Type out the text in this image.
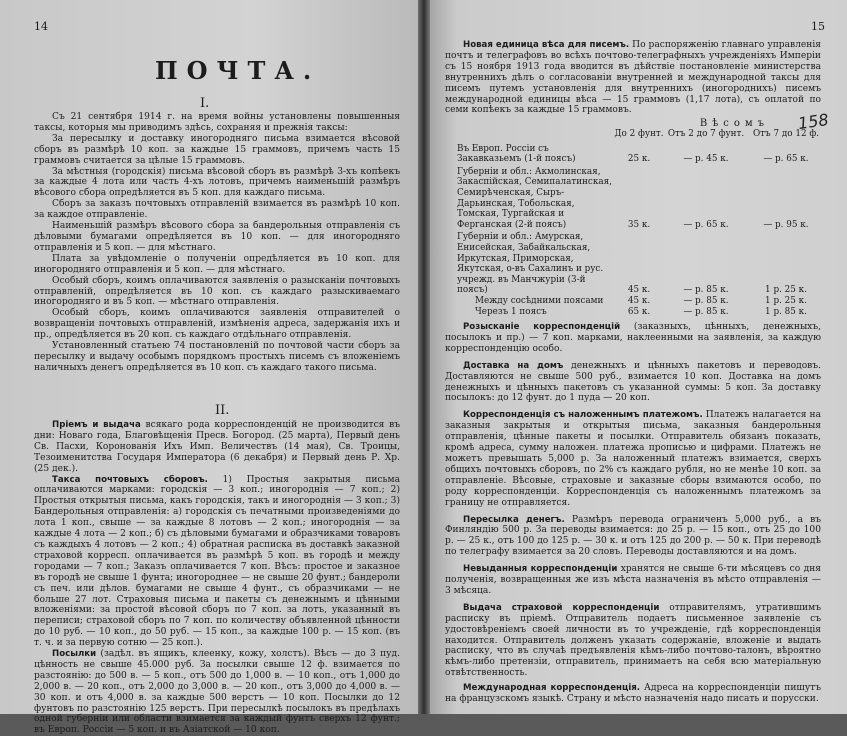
14
ПОЧТА.
I.

Съ 21 сентября 1914 г. на время войны установлены повышенныя таксы, которыя мы приводимъ здѣсь, сохраняя и прежнія таксы:

За пересылку и доставку иногородняго письма взимается вѣсовой сборъ въ размѣрѣ 10 коп. за каждые 15 граммовъ, причемъ часть 15 граммовъ считается за цѣлые 15 граммовъ.

За мѣстныя (городскія) письма вѣсовой сборъ въ размѣрѣ 3-хъ копѣекъ за каждые 4 лота или часть 4-хъ лотовъ, причемъ наименьшій размѣръ вѣсового сбора опредѣляется въ 5 коп. для каждаго письма.

Сборъ за заказъ почтовыхъ отправленій взимается въ размѣрѣ 10 коп. за каждое отправленіе.

Наименьшій размѣръ вѣсового сбора за бандерольныя отправленія съ дѣловыми бумагами опредѣляется въ 10 коп. — для иногородняго отправленія и 5 коп. — для мѣстнаго.

Плата за увѣдомленіе о полученіи опредѣляется въ 10 коп. для иногородняго отправленія и 5 коп. — для мѣстнаго.

Особый сборъ, коимъ оплачиваются заявленія о разысканіи почтовыхъ отправленій, опредѣляется въ 10 коп. съ каждаго разыскиваемаго иногородняго и въ 5 коп. — мѣстнаго отправленія.

Особый сборъ, коимъ оплачиваются заявленія отправителей о возвращеніи почтовыхъ отправленій, измѣненія адреса, задержанія ихъ и пр., опредѣляется въ 20 коп. съ каждаго отдѣльнаго отправленія.

Установленный статьею 74 постановленій по почтовой части сборъ за пересылку и выдачу особымъ порядкомъ простыхъ писемъ съ вложеніемъ наличныхъ денегъ опредѣляется въ 10 коп. съ каждаго такого письма.

II.

Пріемъ и выдача всякаго рода корреспонденцій не производится въ дни: Новаго года, Благовѣщенія Пресв. Богород. (25 марта), Первый день Св. Пасхи, Коронованія Ихъ Имп. Величествъ (14 мая), Св. Троицы, Тезоименитства Государя Императора (6 декабря) и Первый день Р. Хр. (25 дек.).

Такса почтовыхъ сборовъ. 1) Простыя закрытыя письма оплачиваются марками: городскія — 3 коп.; иногороднія — 7 коп.; 2) Простыя открытыя письма, какъ городскія, такъ и иногороднія — 3 коп.; 3) Бандерольныя отправленія: а) городскія съ печатными произведеніями до лота 1 коп., свыше — за каждые 8 лотовъ — 2 коп.; иногороднія — за каждые 4 лота — 2 коп.; б) съ дѣловыми бумагами и образчиками товаровъ съ каждыхъ 4 лотовъ — 2 коп.; 4) обратная расписка въ доставкѣ заказной страховой корресп. оплачивается въ размѣрѣ 5 коп. въ городѣ и между городами — 7 коп.; Заказъ оплачивается 7 коп. Вѣсъ: простое и заказное въ городѣ не свыше 1 фунта; иногороднее — не свыше 20 фунт.; бандероли съ печ. или дѣлов. бумагами не свыше 4 фунт., съ образчиками — не больше 27 лот. Страховыя письма и пакеты съ денежнымъ и цѣнными вложеніями: за простой вѣсовой сборъ по 7 коп. за лотъ, указанный въ переписи; страховой сборъ по 7 коп. по количеству объявленной цѣнности до 10 руб. — 10 коп., до 50 руб. — 15 коп., за каждые 100 р. — 15 коп. (въ т. ч. и за первую сотню — 25 коп.).

Посылки (задѣл. въ ящикъ, клеенку, кожу, холстъ). Вѣсъ — до 3 пуд. цѣнность не свыше 45.000 руб. За посылки свыше 12 ф. взимается по разстоянію: до 500 в. — 5 коп., отъ 500 до 1,000 в. — 10 коп., отъ 1,000 до 2,000 в. — 20 коп., отъ 2,000 до 3,000 в. — 20 коп., отъ 3,000 до 4,000 в. — 30 коп. и отъ 4,000 в. за каждые 500 верстъ — 10 коп. Посылки до 12 фунтовъ по разстоянію 125 верстъ. При пересылкѣ посылокъ въ предѣлахъ одной губерніи или области взимается за каждый фунтъ сверхъ 12 фунт.; въ Европ. Россіи — 5 коп. и въ Азіатской — 10 коп.

15
158

Новая единица вѣса для писемъ. По распоряженію главнаго управленія почтъ и телеграфовъ во всѣхъ почтово-телеграфныхъ учрежденіяхъ Имперіи съ 15 ноября 1913 года вводится въ дѣйствіе постановленіе министерства внутреннихъ дѣлъ о согласованіи внутренней и международной таксы для писемъ путемъ установленія для внутреннихъ (иногороднихъ) писемъ международной единицы вѣса — 15 граммовъ (1,17 лота), съ оплатой по семи копѣекъ за каждые 15 граммовъ.

Вѣсомъ
	До 2 фунт.	Отъ 2 до 7 фунт.	Отъ 7 до 12 ф.
Въ Европ. Россіи съ Закавказьемъ (1-й поясъ)	25 к.	— р. 45 к.	— р. 65 к.
Губерніи и обл.: Акмолинская, Закаспійская, Семипалатинская, Семирѣченская, Сыръ-Дарьинская, Тобольская, Томская, Тургайская и Ферганская (2-й поясъ)	35 к.	— р. 65 к.	— р. 95 к.
Губерніи и обл.: Амурская, Енисейская, Забайкальская, Иркутская, Приморская, Якутская, о-въ Сахалинъ и рус. учрежд. въ Манчжуріи (3-й поясъ)	45 к.	— р. 85 к.	1 р. 25 к.
Между сосѣдними поясами	45 к.	— р. 85 к.	1 р. 25 к.
Черезъ 1 поясъ	65 к.	— р. 85 к.	1 р. 85 к.

Розысканіе корреспонденцій (заказныхъ, цѣнныхъ, денежныхъ, посылокъ и пр.) — 7 коп. марками, наклеенными на заявленія, за каждую корреспонденцію особо.

Доставка на домъ денежныхъ и цѣнныхъ пакетовъ и переводовъ. Доставляются не свыше 500 руб., взимается 10 коп. Доставка на домъ денежныхъ и цѣнныхъ пакетовъ съ указанной суммы: 5 коп. За доставку посылокъ: до 12 фунт. до 1 пуда — 20 коп.

Корреспонденція съ наложеннымъ платежомъ. Платежъ налагается на заказныя закрытыя и открытыя письма, заказныя бандерольныя отправленія, цѣнные пакеты и посылки. Отправитель обязанъ показать, кромѣ адреса, сумму наложен. платежа прописью и цифрами. Платежъ не можетъ превышать 5,000 р. За наложенный платежъ взимается, сверхъ общихъ почтовыхъ сборовъ, по 2% съ каждаго рубля, но не менѣе 10 коп. за отправленіе. Вѣсовые, страховые и заказные сборы взимаются особо, по роду корреспонденціи. Корреспонденція съ наложеннымъ платежомъ за границу не отправляется.

Пересылка денегъ. Размѣръ перевода ограниченъ 5,000 руб., а въ Финляндію 500 р. За переводы взимается: до 25 р. — 15 коп., отъ 25 до 100 р. — 25 к., отъ 100 до 125 р. — 30 к. и отъ 125 до 200 р. — 50 к. При переводѣ по телеграфу взимается за 20 словъ. Переводы доставляются и на домъ.

Невыданныя корреспонденціи хранятся не свыше 6-ти мѣсяцевъ со дня полученія, возвращенныя же изъ мѣста назначенія въ мѣсто отправленія — 3 мѣсяца.

Выдача страховой корреспонденціи отправителямъ, утратившимъ расписку въ пріемѣ. Отправитель подаетъ письменное заявленіе съ удостовѣреніемъ своей личности въ то учрежденіе, гдѣ корреспонденція находится. Отправитель долженъ указать содержаніе, вложеніе и выдать расписку, что въ случаѣ предъявленія кѣмъ-либо почтово-талонъ, вѣроятно кѣмъ-либо претензіи, отправитель, принимаетъ на себя всю матеріальную отвѣтственность.

Международная корреспонденція. Адреса на корреспонденціи пишутъ на французскомъ языкѣ. Страну и мѣсто назначенія надо писать и порусски.
